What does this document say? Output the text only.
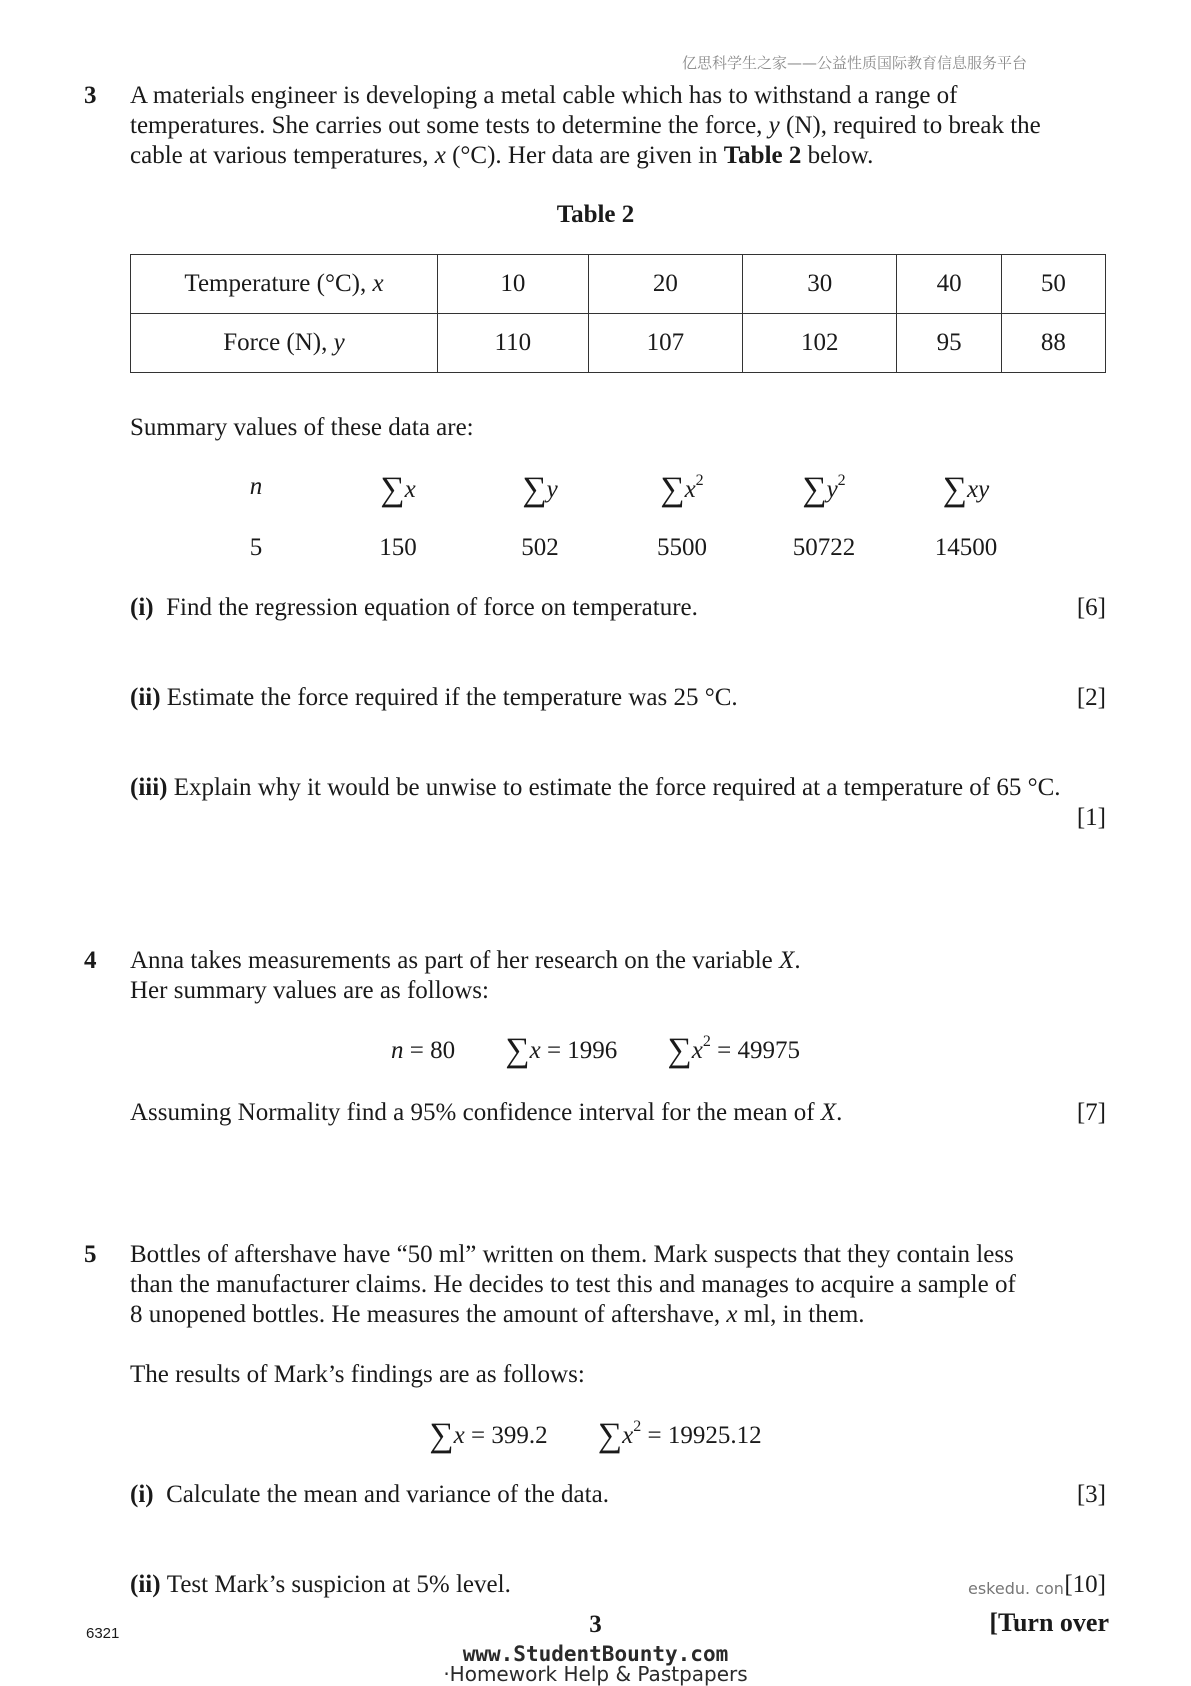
亿思科学生之家——公益性质国际教育信息服务平台
3 A materials engineer is developing a metal cable which has to withstand a range of
temperatures. She carries out some tests to determine the force, y (N), required to break the
cable at various temperatures, x (°C). Her data are given in Table 2 below.
Table 2
Temperature (°C), x	10	20	30	40	50
Force (N), y	110	107	102	95	88
Summary values of these data are:
n	∑x	∑y	$\sum x^2$	$\sum y^2$	∑xy
5	150	502	5500	50722	14500
(i) Find the regression equation of force on temperature.	[6]
(ii) Estimate the force required if the temperature was 25 °C.	[2]
(iii) Explain why it would be unwise to estimate the force required at a temperature of 65 °C.
[1]
4 Anna takes measurements as part of her research on the variable X.
Her summary values are as follows:
n = 80 ∑x = 1996 $\sum x^2 = 49975$
Assuming Normality find a 95% confidence interval for the mean of X.	[7]
5 Bottles of aftershave have “50 ml” written on them. Mark suspects that they contain less
than the manufacturer claims. He decides to test this and manages to acquire a sample of
8 unopened bottles. He measures the amount of aftershave, x ml, in them.
The results of Mark’s findings are as follows:
∑x = 399.2 $\sum x^2 = 19925.12$
(i) Calculate the mean and variance of the data.	[3]
(ii) Test Mark’s suspicion at 5% level.	eskedu. con [10]
6321	3	[Turn over
www.StudentBounty.com
·Homework Help & Pastpapers
